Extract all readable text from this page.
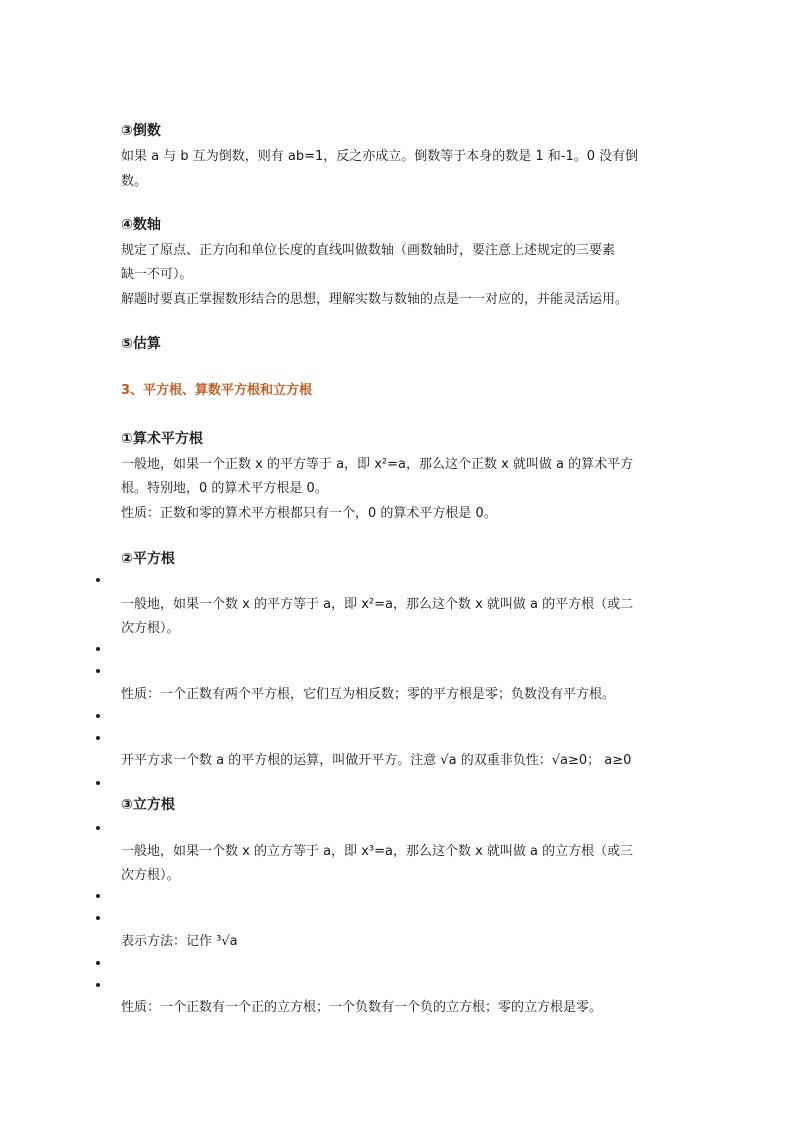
③倒数
如果 a 与 b 互为倒数，则有 ab=1，反之亦成立。倒数等于本身的数是 1 和-1。0 没有倒
数。
④数轴
规定了原点、正方向和单位长度的直线叫做数轴（画数轴时，要注意上述规定的三要素
缺一不可）。
解题时要真正掌握数形结合的思想，理解实数与数轴的点是一一对应的，并能灵活运用。
⑤估算
3、平方根、算数平方根和立方根
①算术平方根
一般地，如果一个正数 x 的平方等于 a，即 x²=a，那么这个正数 x 就叫做 a 的算术平方
根。特别地，0 的算术平方根是 0。
性质：正数和零的算术平方根都只有一个，0 的算术平方根是 0。
②平方根
一般地，如果一个数 x 的平方等于 a，即 x²=a，那么这个数 x 就叫做 a 的平方根（或二
次方根）。
性质：一个正数有两个平方根，它们互为相反数；零的平方根是零；负数没有平方根。
开平方求一个数 a 的平方根的运算，叫做开平方。注意 √a 的双重非负性：√a≥0； a≥0
③立方根
一般地，如果一个数 x 的立方等于 a，即 x³=a，那么这个数 x 就叫做 a 的立方根（或三
次方根）。
表示方法：记作 ³√a
性质：一个正数有一个正的立方根；一个负数有一个负的立方根；零的立方根是零。
